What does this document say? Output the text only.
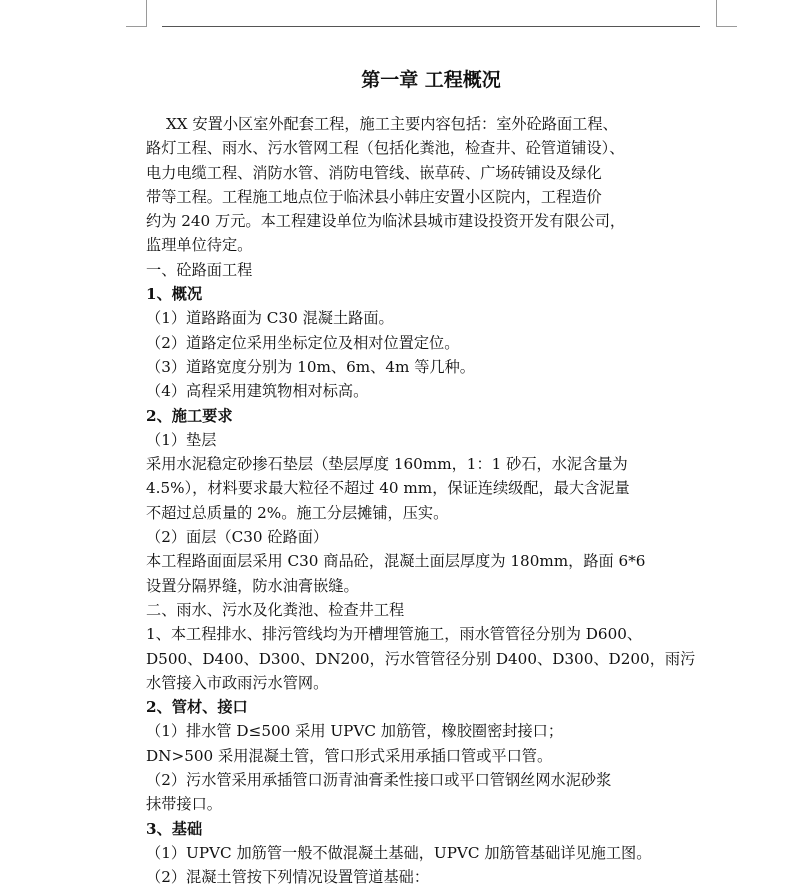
第一章 工程概况

XX 安置小区室外配套工程，施工主要内容包括：室外砼路面工程、

路灯工程、雨水、污水管网工程（包括化粪池，检查井、砼管道铺设）、

电力电缆工程、消防水管、消防电管线、嵌草砖、广场砖铺设及绿化

带等工程。工程施工地点位于临沭县小韩庄安置小区院内，工程造价

约为 240 万元。本工程建设单位为临沭县城市建设投资开发有限公司，

监理单位待定。

一、砼路面工程

1、概况

（1）道路路面为 C30 混凝土路面。

（2）道路定位采用坐标定位及相对位置定位。

（3）道路宽度分别为 10m、6m、4m 等几种。

（4）高程采用建筑物相对标高。

2、施工要求

（1）垫层

采用水泥稳定砂掺石垫层（垫层厚度 160mm，1：1 砂石，水泥含量为

4.5%），材料要求最大粒径不超过 40 mm，保证连续级配，最大含泥量

不超过总质量的 2%。施工分层摊铺，压实。

（2）面层（C30 砼路面）

本工程路面面层采用 C30 商品砼，混凝土面层厚度为 180mm，路面 6*6

设置分隔界缝，防水油膏嵌缝。

二、雨水、污水及化粪池、检查井工程

1、本工程排水、排污管线均为开槽埋管施工，雨水管管径分别为 D600、

D500、D400、D300、DN200，污水管管径分别 D400、D300、D200，雨污

水管接入市政雨污水管网。

2、管材、接口

（1）排水管 D≤500 采用 UPVC 加筋管，橡胶圈密封接口；

DN>500 采用混凝土管，管口形式采用承插口管或平口管。

（2）污水管采用承插管口沥青油膏柔性接口或平口管钢丝网水泥砂浆

抹带接口。

3、基础

（1）UPVC 加筋管一般不做混凝土基础，UPVC 加筋管基础详见施工图。

（2）混凝土管按下列情况设置管道基础：
